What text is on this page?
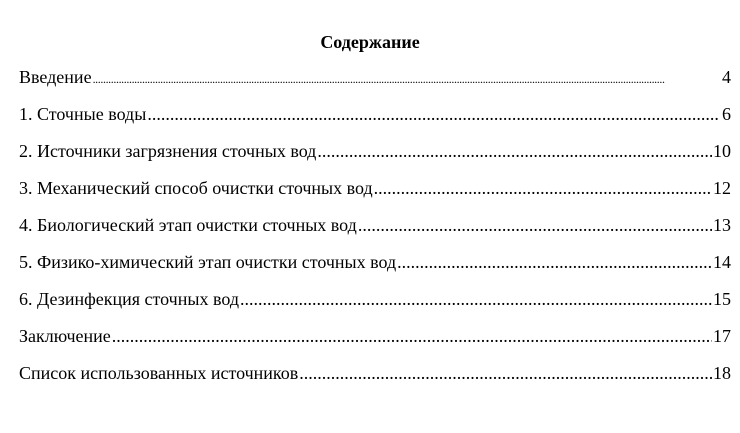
Содержание
Введение .....	4
1. Сточные воды .....	6
2. Источники загрязнения сточных вод .....	10
3. Механический способ очистки сточных вод .....	12
4. Биологический этап очистки сточных вод .....	13
5. Физико-химический этап очистки сточных вод .....	14
6. Дезинфекция сточных вод .....	15
Заключение .....	17
Список использованных источников .....	18
